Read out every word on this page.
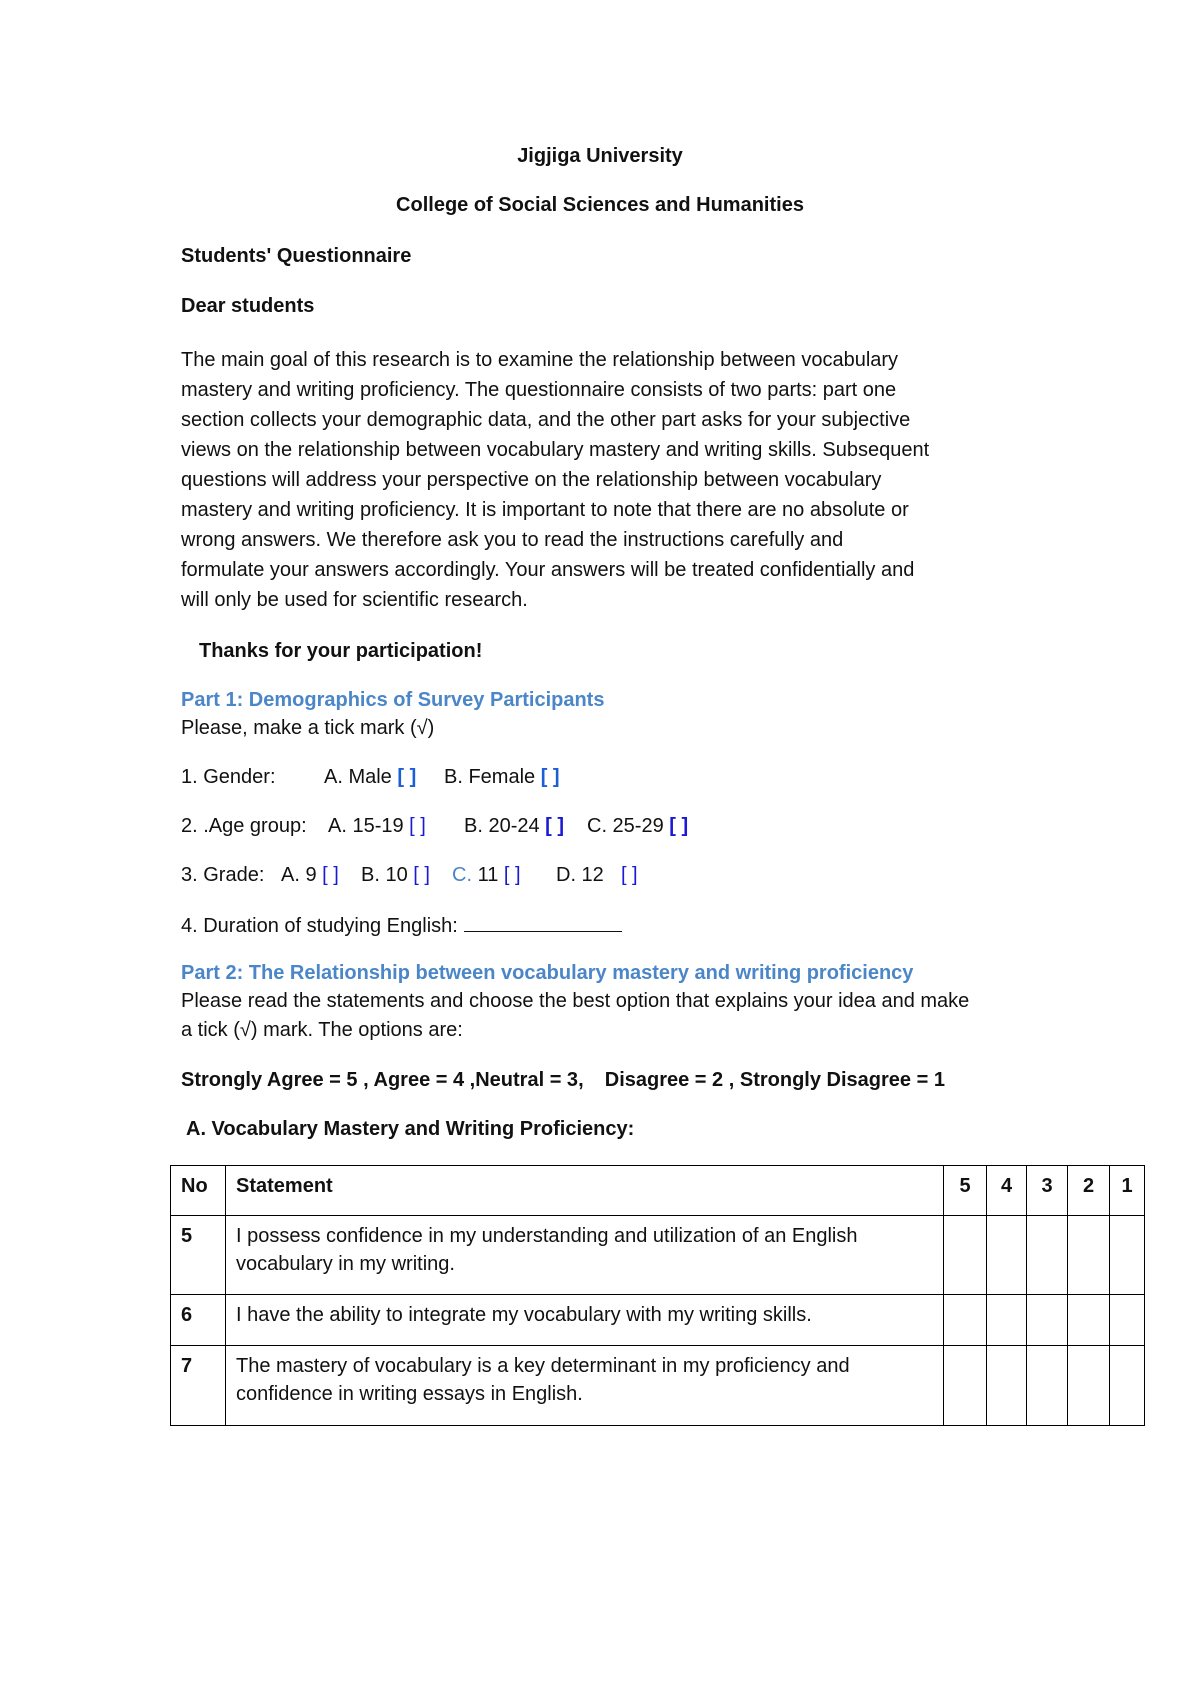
Jigjiga University
College of Social Sciences and Humanities
Students' Questionnaire
Dear students
The main goal of this research is to examine the relationship between vocabulary
mastery and writing proficiency. The questionnaire consists of two parts: part one
section collects your demographic data, and the other part asks for your subjective
views on the relationship between vocabulary mastery and writing skills. Subsequent
questions will address your perspective on the relationship between vocabulary
mastery and writing proficiency. It is important to note that there are no absolute or
wrong answers. We therefore ask you to read the instructions carefully and
formulate your answers accordingly. Your answers will be treated confidentially and
will only be used for scientific research.
Thanks for your participation!
Part 1: Demographics of Survey Participants
Please, make a tick mark (√)
1. Gender: A. Male [ ] B. Female [ ]
2. .Age group: A. 15-19 [ ] B. 20-24 [ ] C. 25-29 [ ]
3. Grade: A. 9 [ ] B. 10 [ ] C. 11 [ ] D. 12 [ ]
4. Duration of studying English:
Part 2: The Relationship between vocabulary mastery and writing proficiency
Please read the statements and choose the best option that explains your idea and make
a tick (√) mark. The options are:
Strongly Agree = 5 , Agree = 4 ,Neutral = 3, Disagree = 2 , Strongly Disagree = 1
A. Vocabulary Mastery and Writing Proficiency:
No	Statement	5	4	3	2	1
5	I possess confidence in my understanding and utilization of an English
vocabulary in my writing.					

6	I have the ability to integrate my vocabulary with my writing skills.					

7	The mastery of vocabulary is a key determinant in my proficiency and
confidence in writing essays in English.					
